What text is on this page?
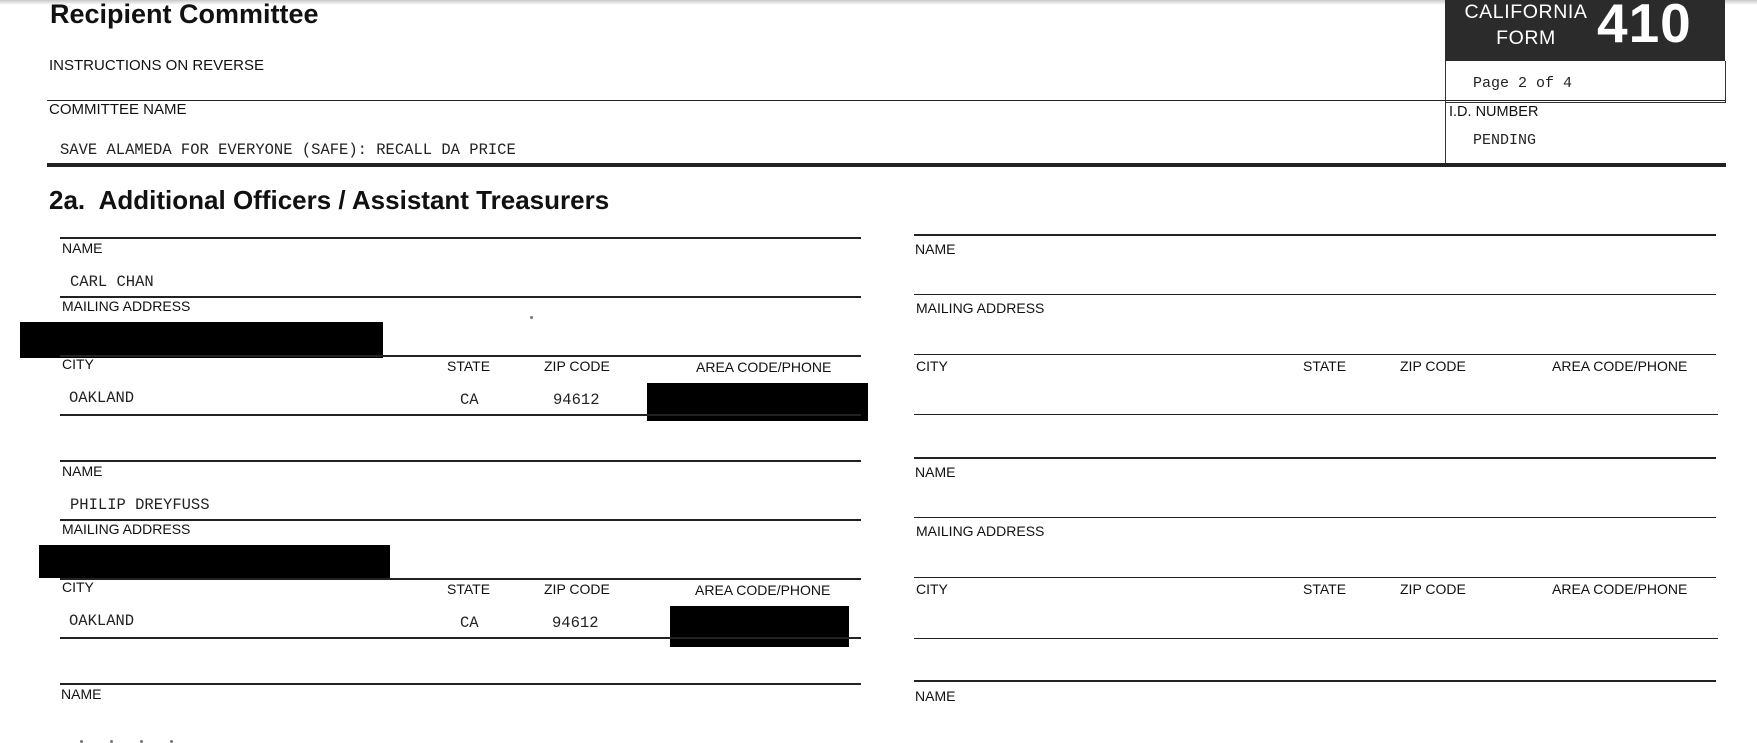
Recipient Committee
INSTRUCTIONS ON REVERSE
CALIFORNIA
FORM 410
Page 2 of 4
COMMITTEE NAME
SAVE ALAMEDA FOR EVERYONE (SAFE): RECALL DA PRICE
I.D. NUMBER
PENDING
2a.  Additional Officers / Assistant Treasurers
NAME
CARL CHAN
MAILING ADDRESS
CITY	STATE	ZIP CODE	AREA CODE/PHONE
OAKLAND	CA	94612
NAME
PHILIP DREYFUSS
MAILING ADDRESS
CITY	STATE	ZIP CODE	AREA CODE/PHONE
OAKLAND	CA	94612
NAME
NAME
MAILING ADDRESS
CITY	STATE	ZIP CODE	AREA CODE/PHONE
NAME
MAILING ADDRESS
CITY	STATE	ZIP CODE	AREA CODE/PHONE
NAME
